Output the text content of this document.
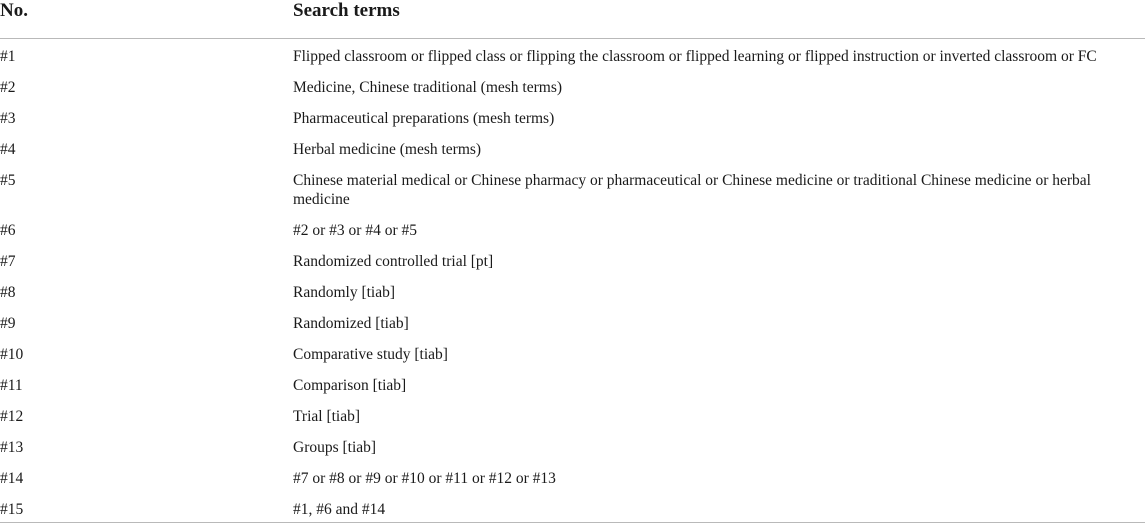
No.	Search terms
#1	Flipped classroom or flipped class or flipping the classroom or flipped learning or flipped instruction or inverted classroom or FC
#2	Medicine, Chinese traditional (mesh terms)
#3	Pharmaceutical preparations (mesh terms)
#4	Herbal medicine (mesh terms)
#5	Chinese material medical or Chinese pharmacy or pharmaceutical or Chinese medicine or traditional Chinese medicine or herbal medicine
#6	#2 or #3 or #4 or #5
#7	Randomized controlled trial [pt]
#8	Randomly [tiab]
#9	Randomized [tiab]
#10	Comparative study [tiab]
#11	Comparison [tiab]
#12	Trial [tiab]
#13	Groups [tiab]
#14	#7 or #8 or #9 or #10 or #11 or #12 or #13
#15	#1, #6 and #14
